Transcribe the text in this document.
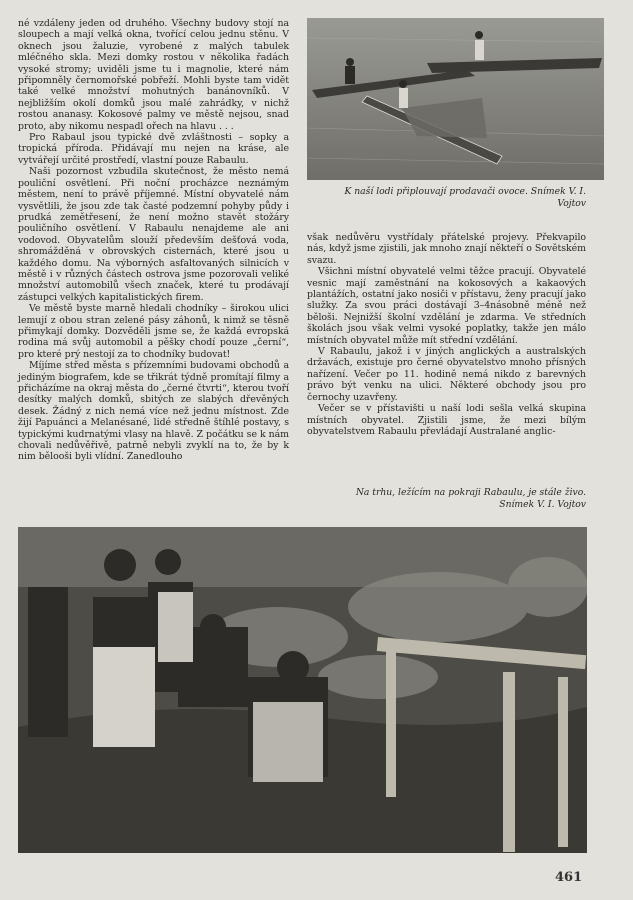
né vzdáleny jeden od druhého. Všechny budovy stojí na sloupech a mají velká okna, tvořící celou jednu stěnu. V oknech jsou žaluzie, vyrobené z malých tabulek mléčného skla. Mezi domky rostou v několika řadách vysoké stromy; uviděli jsme tu i magnolie, které nám připomněly černomořské pobřeží. Mohli byste tam vidět také velké množství mohutných banánovníků. V nejbližším okolí domků jsou malé zahrádky, v nichž rostou ananasy. Kokosové palmy ve městě nejsou, snad proto, aby nikomu nespadl ořech na hlavu . . .

Pro Rabaul jsou typické dvě zvláštnosti – sopky a tropická příroda. Přidávají mu nejen na kráse, ale vytvářejí určité prostředí, vlastní pouze Rabaulu.

Naši pozornost vzbudila skutečnost, že město nemá pouliční osvětlení. Při noční procházce neznámým městem, není to právě příjemné. Místní obyvatelé nám vysvětlili, že jsou zde tak časté podzemní pohyby půdy i prudká zemětřesení, že není možno stavět stožáry pouličního osvětlení. V Rabaulu nenajdeme ale ani vodovod. Obyvatelům slouží především dešťová voda, shromážděná v obrovských cisternách, které jsou u každého domu. Na výborných asfaltovaných silnicích v městě i v různých částech ostrova jsme pozorovali veliké množství automobilů všech značek, které tu prodávají zástupci velkých kapitalistických firem.

Ve městě byste marně hledali chodníky – širokou ulici lemují z obou stran zelené pásy záhonů, k nimž se těsně přimykají domky. Dozvěděli jsme se, že každá evropská rodina má svůj automobil a pěšky chodí pouze „černí“, pro které prý nestojí za to chodníky budovat!

Míjíme střed města s přízemními budovami obchodů a jediným biografem, kde se třikrát týdně promítají filmy a přicházíme na okraj města do „černé čtvrti“, kterou tvoří desítky malých domků, sbitých ze slabých dřevěných desek. Žádný z nich nemá více než jednu místnost. Zde žijí Papuánci a Melanésané, lidé středně štíhlé postavy, s typickými kudrnatými vlasy na hlavě. Z počátku se k nám chovali nedůvěřivě, patrně nebyli zvyklí na to, že by k nim bělooši byli vlídní. Zanedlouho

K naší lodi připlouvají prodavači ovoce. Snímek V. I.
Vojtov

však nedůvěru vystřídaly přátelské projevy. Překvapilo nás, když jsme zjistili, jak mnoho znají někteří o Sovětském svazu.

Všichni místní obyvatelé velmi těžce pracují. Obyvatelé vesnic mají zaměstnání na kokosových a kakaových plantážích, ostatní jako nosiči v přístavu, ženy pracují jako služky. Za svou práci dostávají 3–4násobně méně než běloši. Nejnižší školní vzdělání je zdarma. Ve středních školách jsou však velmi vysoké poplatky, takže jen málo místních obyvatel může mít střední vzdělání.

V Rabaulu, jakož i v jiných anglických a australských državách, existuje pro černé obyvatelstvo mnoho přísných nařízení. Večer po 11. hodině nemá nikdo z barevných právo být venku na ulici. Některé obchody jsou pro černochy uzavřeny.

Večer se v přístavišti u naší lodi sešla velká skupina místních obyvatel. Zjistili jsme, že mezi bílým obyvatelstvem Rabaulu převládají Australané anglic-

Na trhu, ležícím na pokraji Rabaulu, je stále živo.
Snímek V. I. Vojtov
461
